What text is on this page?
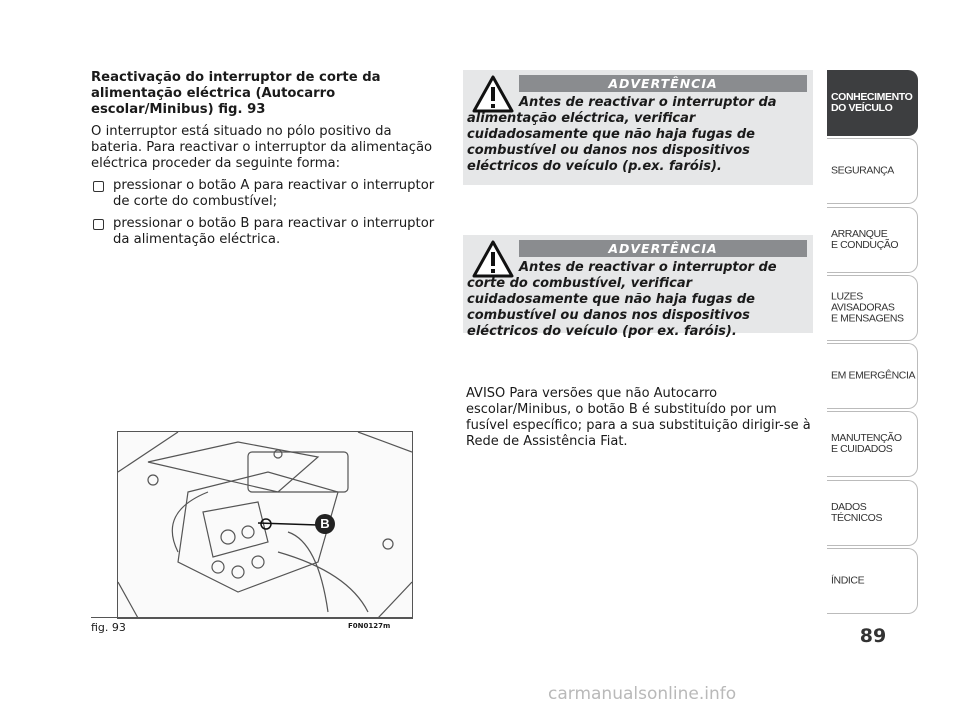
Reactivação do interruptor de corte da alimentação eléctrica (Autocarro escolar/Minibus) fig. 93

O interruptor está situado no pólo positivo da bateria. Para reactivar o interruptor da alimentação eléctrica proceder da seguinte forma:

pressionar o botão A para reactivar o interruptor de corte do combustível;
pressionar o botão B para reactivar o interruptor da alimentação eléctrica.
ADVERTÊNCIA
Antes de reactivar o interruptor da alimentação eléctrica, verificar cuidadosamente que não haja fugas de combustível ou danos nos dispositivos eléctricos do veículo (p.ex. faróis).
ADVERTÊNCIA
Antes de reactivar o interruptor de corte do combustível, verificar cuidadosamente que não haja fugas de combustível ou danos nos dispositivos eléctricos do veículo (por ex. faróis).
AVISO Para versões que não Autocarro escolar/Minibus, o botão B é substituído por um fusível específico; para a sua substituição dirigir-se à Rede de Assistência Fiat.
B
fig. 93	F0N0127m
CONHECIMENTO
DO VEÍCULO
SEGURANÇA
ARRANQUE
E CONDUÇÃO
LUZES
AVISADORAS
E MENSAGENS
EM EMERGÊNCIA
MANUTENÇÃO
E CUIDADOS
DADOS
TÉCNICOS
ÍNDICE
89
carmanualsonline.info
